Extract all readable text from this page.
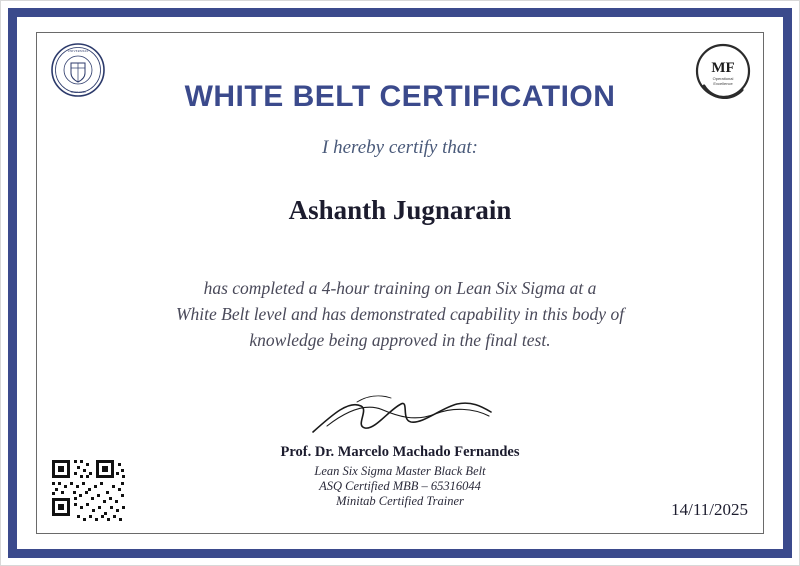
UNIVERSITAS
SIGILLUM
MF
Operational
Excellence
WHITE BELT CERTIFICATION
I hereby certify that:
Ashanth Jugnarain
has completed a 4-hour training on Lean Six Sigma at a
White Belt level and has demonstrated capability in this body of
knowledge being approved in the final test.
Prof. Dr. Marcelo Machado Fernandes
Lean Six Sigma Master Black Belt
ASQ Certified MBB – 65316044
Minitab Certified Trainer	14/11/2025
